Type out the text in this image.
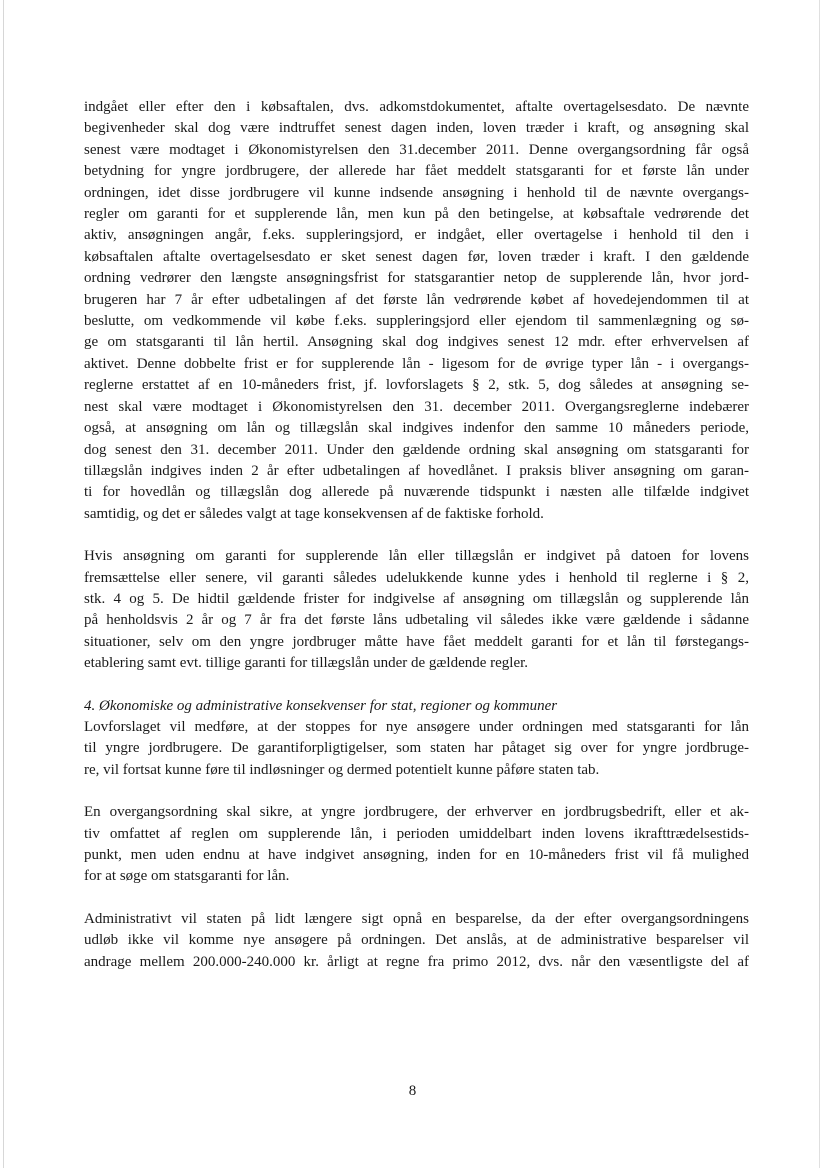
indgået eller efter den i købsaftalen, dvs. adkomstdokumentet, aftalte overtagelsesdato. De nævnte
begivenheder skal dog være indtruffet senest dagen inden, loven træder i kraft, og ansøgning skal
senest være modtaget i Økonomistyrelsen den 31.december 2011. Denne overgangsordning får også
betydning for yngre jordbrugere, der allerede har fået meddelt statsgaranti for et første lån under
ordningen, idet disse jordbrugere vil kunne indsende ansøgning i henhold til de nævnte overgangs-
regler om garanti for et supplerende lån, men kun på den betingelse, at købsaftale vedrørende det
aktiv, ansøgningen angår, f.eks. suppleringsjord, er indgået, eller overtagelse i henhold til den i
købsaftalen aftalte overtagelsesdato er sket senest dagen før, loven træder i kraft. I den gældende
ordning vedrører den længste ansøgningsfrist for statsgarantier netop de supplerende lån, hvor jord-
brugeren har 7 år efter udbetalingen af det første lån vedrørende købet af hovedejendommen til at
beslutte, om vedkommende vil købe f.eks. suppleringsjord eller ejendom til sammenlægning og sø-
ge om statsgaranti til lån hertil. Ansøgning skal dog indgives senest 12 mdr. efter erhvervelsen af
aktivet. Denne dobbelte frist er for supplerende lån - ligesom for de øvrige typer lån - i overgangs-
reglerne erstattet af en 10-måneders frist, jf. lovforslagets § 2, stk. 5, dog således at ansøgning se-
nest skal være modtaget i Økonomistyrelsen den 31. december 2011. Overgangsreglerne indebærer
også, at ansøgning om lån og tillægslån skal indgives indenfor den samme 10 måneders periode,
dog senest den 31. december 2011. Under den gældende ordning skal ansøgning om statsgaranti for
tillægslån indgives inden 2 år efter udbetalingen af hovedlånet. I praksis bliver ansøgning om garan-
ti for hovedlån og tillægslån dog allerede på nuværende tidspunkt i næsten alle tilfælde indgivet
samtidig, og det er således valgt at tage konsekvensen af de faktiske forhold.
Hvis ansøgning om garanti for supplerende lån eller tillægslån er indgivet på datoen for lovens
fremsættelse eller senere, vil garanti således udelukkende kunne ydes i henhold til reglerne i § 2,
stk. 4 og 5. De hidtil gældende frister for indgivelse af ansøgning om tillægslån og supplerende lån
på henholdsvis 2 år og 7 år fra det første låns udbetaling vil således ikke være gældende i sådanne
situationer, selv om den yngre jordbruger måtte have fået meddelt garanti for et lån til førstegangs-
etablering samt evt. tillige garanti for tillægslån under de gældende regler.

4. Økonomiske og administrative konsekvenser for stat, regioner og kommuner

Lovforslaget vil medføre, at der stoppes for nye ansøgere under ordningen med statsgaranti for lån
til yngre jordbrugere. De garantiforpligtigelser, som staten har påtaget sig over for yngre jordbruge-
re, vil fortsat kunne føre til indløsninger og dermed potentielt kunne påføre staten tab.
En overgangsordning skal sikre, at yngre jordbrugere, der erhverver en jordbrugsbedrift, eller et ak-
tiv omfattet af reglen om supplerende lån, i perioden umiddelbart inden lovens ikrafttrædelsestids-
punkt, men uden endnu at have indgivet ansøgning, inden for en 10-måneders frist vil få mulighed
for at søge om statsgaranti for lån.
Administrativt vil staten på lidt længere sigt opnå en besparelse, da der efter overgangsordningens
udløb ikke vil komme nye ansøgere på ordningen. Det anslås, at de administrative besparelser vil
andrage mellem 200.000-240.000 kr. årligt at regne fra primo 2012, dvs. når den væsentligste del af
8
